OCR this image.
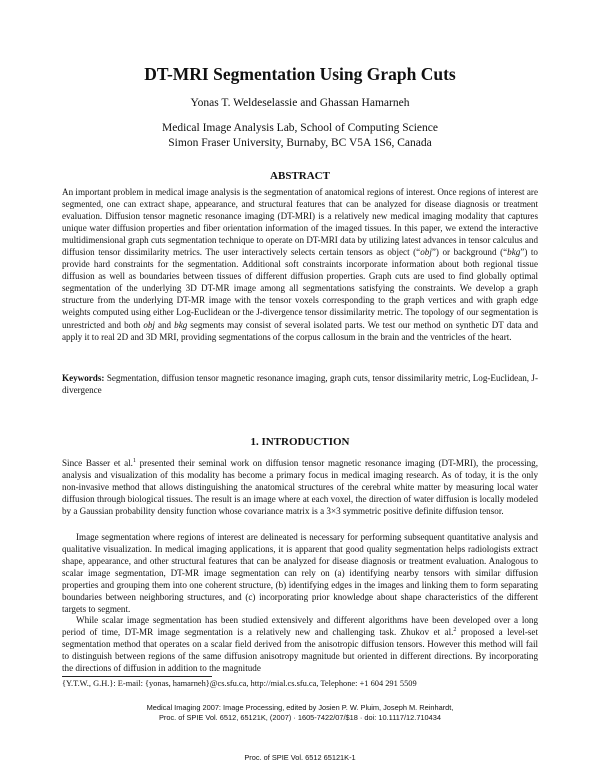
DT-MRI Segmentation Using Graph Cuts
Yonas T. Weldeselassie and Ghassan Hamarneh
Medical Image Analysis Lab, School of Computing Science
Simon Fraser University, Burnaby, BC V5A 1S6, Canada
ABSTRACT
An important problem in medical image analysis is the segmentation of anatomical regions of interest. Once regions of interest are segmented, one can extract shape, appearance, and structural features that can be analyzed for disease diagnosis or treatment evaluation. Diffusion tensor magnetic resonance imaging (DT-MRI) is a relatively new medical imaging modality that captures unique water diffusion properties and fiber orientation information of the imaged tissues. In this paper, we extend the interactive multidimensional graph cuts segmentation technique to operate on DT-MRI data by utilizing latest advances in tensor calculus and diffusion tensor dissimilarity metrics. The user interactively selects certain tensors as object (“obj”) or background (“bkg”) to provide hard constraints for the segmentation. Additional soft constraints incorporate information about both regional tissue diffusion as well as boundaries between tissues of different diffusion properties. Graph cuts are used to find globally optimal segmentation of the underlying 3D DT-MR image among all segmentations satisfying the constraints. We develop a graph structure from the underlying DT-MR image with the tensor voxels corresponding to the graph vertices and with graph edge weights computed using either Log-Euclidean or the J-divergence tensor dissimilarity metric. The topology of our segmentation is unrestricted and both obj and bkg segments may consist of several isolated parts. We test our method on synthetic DT data and apply it to real 2D and 3D MRI, providing segmentations of the corpus callosum in the brain and the ventricles of the heart.
Keywords: Segmentation, diffusion tensor magnetic resonance imaging, graph cuts, tensor dissimilarity metric, Log-Euclidean, J-divergence
1. INTRODUCTION
Since Basser et al.$^1$ presented their seminal work on diffusion tensor magnetic resonance imaging (DT-MRI), the processing, analysis and visualization of this modality has become a primary focus in medical imaging research. As of today, it is the only non-invasive method that allows distinguishing the anatomical structures of the cerebral white matter by measuring local water diffusion through biological tissues. The result is an image where at each voxel, the direction of water diffusion is locally modeled by a Gaussian probability density function whose covariance matrix is a 3×3 symmetric positive definite diffusion tensor.
Image segmentation where regions of interest are delineated is necessary for performing subsequent quantitative analysis and qualitative visualization. In medical imaging applications, it is apparent that good quality segmentation helps radiologists extract shape, appearance, and other structural features that can be analyzed for disease diagnosis or treatment evaluation. Analogous to scalar image segmentation, DT-MR image segmentation can rely on (a) identifying nearby tensors with similar diffusion properties and grouping them into one coherent structure, (b) identifying edges in the images and linking them to form separating boundaries between neighboring structures, and (c) incorporating prior knowledge about shape characteristics of the different targets to segment.
While scalar image segmentation has been studied extensively and different algorithms have been developed over a long period of time, DT-MR image segmentation is a relatively new and challenging task. Zhukov et al.$^2$ proposed a level-set segmentation method that operates on a scalar field derived from the anisotropic diffusion tensors. However this method will fail to distinguish between regions of the same diffusion anisotropy magnitude but oriented in different directions. By incorporating the directions of diffusion in addition to the magnitude
{Y.T.W., G.H.}: E-mail: {yonas, hamarneh}@cs.sfu.ca, http://mial.cs.sfu.ca, Telephone: +1 604 291 5509
Medical Imaging 2007: Image Processing, edited by Josien P. W. Pluim, Joseph M. Reinhardt,
Proc. of SPIE Vol. 6512, 65121K, (2007) · 1605-7422/07/$18 · doi: 10.1117/12.710434
Proc. of SPIE Vol. 6512 65121K-1
